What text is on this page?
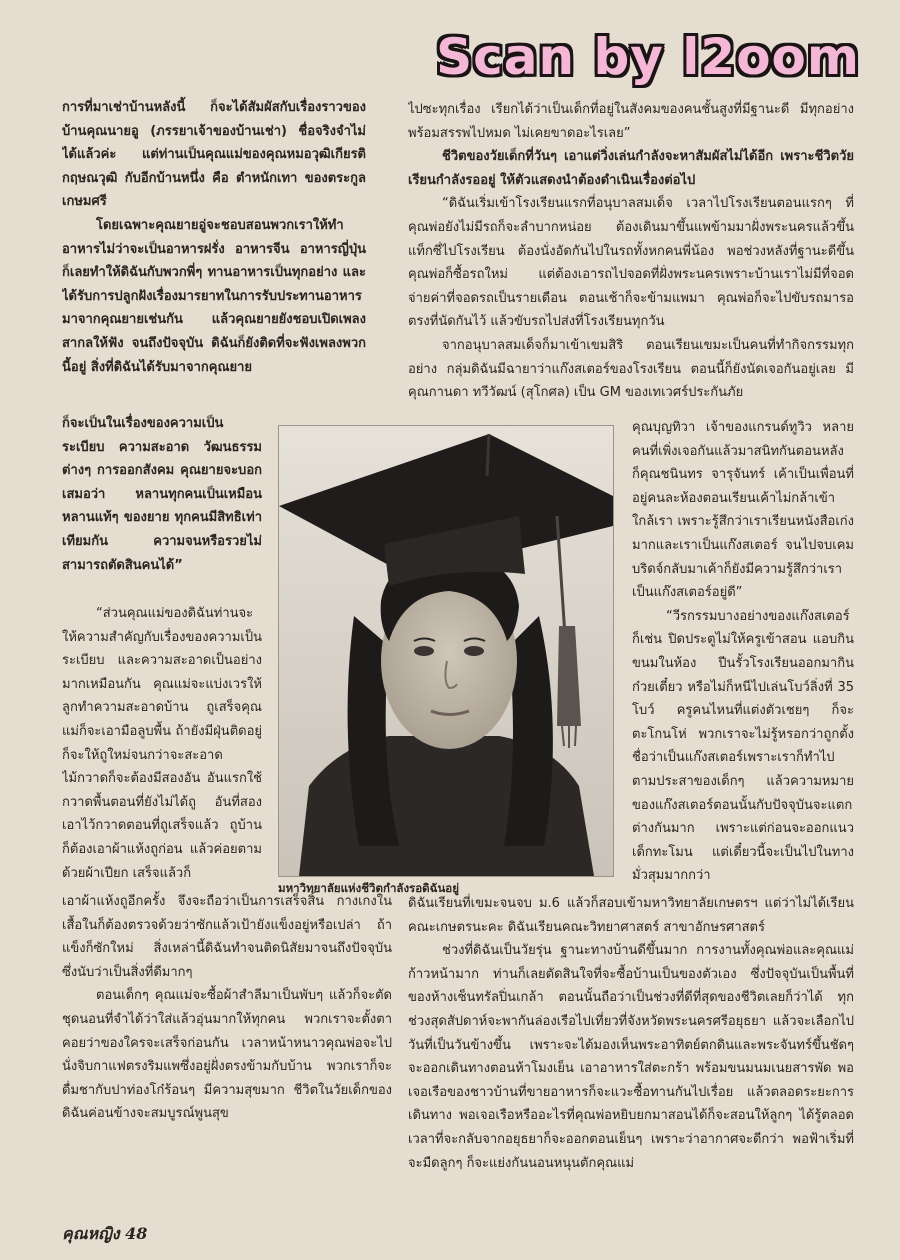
Scan by l2oom

การที่มาเช่าบ้านหลังนี้ ก็จะได้สัมผัสกับเรื่องราวของบ้านคุณนายอู (ภรรยาเจ้าของบ้านเช่า) ชื่อจริงจำไม่ได้แล้วค่ะ แต่ท่านเป็นคุณแม่ของคุณหมอวุฒิเกียรติ กฤษณวุฒิ กับอีกบ้านหนึ่ง คือ ตำหนักเทา ของตระกูลเกษมศรี

โดยเฉพาะคุณยายอู่จะชอบสอนพวกเราให้ทำอาหารไม่ว่าจะเป็นอาหารฝรั่ง อาหารจีน อาหารญี่ปุ่น ก็เลยทำให้ดิฉันกับพวกพี่ๆ ทานอาหารเป็นทุกอย่าง และได้รับการปลูกฝังเรื่องมารยาทในการรับประทานอาหารมาจากคุณยายเช่นกัน แล้วคุณยายยังชอบเปิดเพลงสากลให้ฟัง จนถึงปัจจุบัน ดิฉันก็ยังติดที่จะฟังเพลงพวกนี้อยู่ สิ่งที่ดิฉันได้รับมาจากคุณยาย

ก็จะเป็นในเรื่องของความเป็นระเบียบ ความสะอาด วัฒนธรรมต่างๆ การออกสังคม คุณยายจะบอกเสมอว่า หลานทุกคนเป็นเหมือนหลานแท้ๆ ของยาย ทุกคนมีสิทธิเท่าเทียมกัน ความจนหรือรวยไม่สามารถตัดสินคนได้”

“ส่วนคุณแม่ของดิฉันท่านจะให้ความสำคัญกับเรื่องของความเป็นระเบียบ และความสะอาดเป็นอย่างมากเหมือนกัน คุณแม่จะแบ่งเวรให้ลูกทำความสะอาดบ้าน ถูเสร็จคุณแม่ก็จะเอามือลูบพื้น ถ้ายังมีฝุ่นติดอยู่ก็จะให้ถูใหม่จนกว่าจะสะอาด ไม้กวาดก็จะต้องมีสองอัน อันแรกใช้กวาดพื้นตอนที่ยังไม่ได้ถู อันที่สองเอาไว้กวาดตอนที่ถูเสร็จแล้ว ถูบ้านก็ต้องเอาผ้าแห้งถูก่อน แล้วค่อยตามด้วยผ้าเปียก เสร็จแล้วก็

ไปซะทุกเรื่อง เรียกได้ว่าเป็นเด็กที่อยู่ในสังคมของคนชั้นสูงที่มีฐานะดี มีทุกอย่างพร้อมสรรพไปหมด ไม่เคยขาดอะไรเลย”

ชีวิตของวัยเด็กที่วันๆ เอาแต่วิ่งเล่นกำลังจะหาสัมผัสไม่ได้อีก เพราะชีวิตวัยเรียนกำลังรออยู่ ให้ตัวแสดงนำต้องดำเนินเรื่องต่อไป

“ดิฉันเริ่มเข้าโรงเรียนแรกที่อนุบาลสมเด็จ เวลาไปโรงเรียนตอนแรกๆ ที่คุณพ่อยังไม่มีรถก็จะลำบากหน่อย ต้องเดินมาขึ้นแพข้ามมาฝั่งพระนครแล้วขึ้นแท็กซี่ไปโรงเรียน ต้องนั่งอัดกันไปในรถทั้งหกคนพี่น้อง พอช่วงหลังที่ฐานะดีขึ้นคุณพ่อก็ซื้อรถใหม่ แต่ต้องเอารถไปจอดที่ฝั่งพระนครเพราะบ้านเราไม่มีที่จอด จ่ายค่าที่จอดรถเป็นรายเดือน ตอนเช้าก็จะข้ามแพมา คุณพ่อก็จะไปขับรถมารอตรงที่นัดกันไว้ แล้วขับรถไปส่งที่โรงเรียนทุกวัน

จากอนุบาลสมเด็จก็มาเข้าเขมสิริ ตอนเรียนเขมะเป็นคนที่ทำกิจกรรมทุกอย่าง กลุ่มดิฉันมีฉายาว่าแก๊งสเตอร์ของโรงเรียน ตอนนี้ก็ยังนัดเจอกันอยู่เลย มีคุณกานดา ทวีวัฒน์ (สุโกศล) เป็น GM ของเทเวศร์ประกันภัย

คุณบุญทิวา เจ้าของแกรนด์ทูวิว หลายคนที่เพิ่งเจอกันแล้วมาสนิทกันตอนหลัง ก็คุณชนินทร จารุจันทร์ เค้าเป็นเพื่อนที่อยู่คนละห้องตอนเรียนเค้าไม่กล้าเข้าใกล้เรา เพราะรู้สึกว่าเราเรียนหนังสือเก่งมากและเราเป็นแก๊งสเตอร์ จนไปจบเคมบริดจ์กลับมาเค้าก็ยังมีความรู้สึกว่าเราเป็นแก๊งสเตอร์อยู่ดี”

“วีรกรรมบางอย่างของแก๊งสเตอร์ ก็เช่น ปิดประตูไม่ให้ครูเข้าสอน แอบกินขนมในห้อง ปีนรั้วโรงเรียนออกมากินก๋วยเตี๋ยว หรือไม่ก็หนีไปเล่นโบว์ลิ่งที่ 35 โบว์ ครูคนไหนที่แต่งตัวเชยๆ ก็จะตะโกนโห่ พวกเราจะไม่รู้หรอกว่าถูกตั้งชื่อว่าเป็นแก๊งสเตอร์เพราะเราก็ทำไปตามประสาของเด็กๆ แล้วความหมายของแก๊งสเตอร์ตอนนั้นกับปัจจุบันจะแตกต่างกันมาก เพราะแต่ก่อนจะออกแนวเด็กทะโมน แต่เดี๋ยวนี้จะเป็นไปในทางมั่วสุมมากกว่า

มหาวิทยาลัยแห่งชีวิตกำลังรอดิฉันอยู่

เอาผ้าแห้งถูอีกครั้ง จึงจะถือว่าเป็นการเสร็จสิ้น กางเกงในเสื้อในก็ต้องตรวจด้วยว่าซักแล้วเป้ายังแข็งอยู่หรือเปล่า ถ้าแข็งก็ซักใหม่ สิ่งเหล่านี้ดิฉันทำจนติดนิสัยมาจนถึงปัจจุบัน ซึ่งนับว่าเป็นสิ่งที่ดีมากๆ

ตอนเด็กๆ คุณแม่จะซื้อผ้าสำลีมาเป็นพับๆ แล้วก็จะตัดชุดนอนที่จำได้ว่าใส่แล้วอุ่นมากให้ทุกคน พวกเราจะตั้งตาคอยว่าของใครจะเสร็จก่อนกัน เวลาหน้าหนาวคุณพ่อจะไปนั่งจิบกาแฟตรงริมแพซึ่งอยู่ฝั่งตรงข้ามกับบ้าน พวกเราก็จะดื่มชากับปาท่องโก๋ร้อนๆ มีความสุขมาก ชีวิตในวัยเด็กของดิฉันค่อนข้างจะสมบูรณ์พูนสุข

ดิฉันเรียนที่เขมะจนจบ ม.6 แล้วก็สอบเข้ามหาวิทยาลัยเกษตรฯ แต่ว่าไม่ได้เรียนคณะเกษตรนะคะ ดิฉันเรียนคณะวิทยาศาสตร์ สาขาอักษรศาสตร์

ช่วงที่ดิฉันเป็นวัยรุ่น ฐานะทางบ้านดีขึ้นมาก การงานทั้งคุณพ่อและคุณแม่ก้าวหน้ามาก ท่านก็เลยตัดสินใจที่จะซื้อบ้านเป็นของตัวเอง ซึ่งปัจจุบันเป็นพื้นที่ของห้างเซ็นทรัลปิ่นเกล้า ตอนนั้นถือว่าเป็นช่วงที่ดีที่สุดของชีวิตเลยก็ว่าได้ ทุกช่วงสุดสัปดาห์จะพากันล่องเรือไปเที่ยวที่จังหวัดพระนครศรีอยุธยา แล้วจะเลือกไปวันที่เป็นวันข้างขึ้น เพราะจะได้มองเห็นพระอาทิตย์ตกดินและพระจันทร์ขึ้นชัดๆ จะออกเดินทางตอนห้าโมงเย็น เอาอาหารใส่ตะกร้า พร้อมขนมนมเนยสารพัด พอเจอเรือของชาวบ้านที่ขายอาหารก็จะแวะซื้อทานกันไปเรื่อย แล้วตลอดระยะการเดินทาง พอเจอเรือหรืออะไรที่คุณพ่อหยิบยกมาสอนได้ก็จะสอนให้ลูกๆ ได้รู้ตลอด เวลาที่จะกลับจากอยุธยาก็จะออกตอนเย็นๆ เพราะว่าอากาศจะดีกว่า พอฟ้าเริ่มที่จะมืดลูกๆ ก็จะแย่งกันนอนหนุนตักคุณแม่

คุณหญิง 48
